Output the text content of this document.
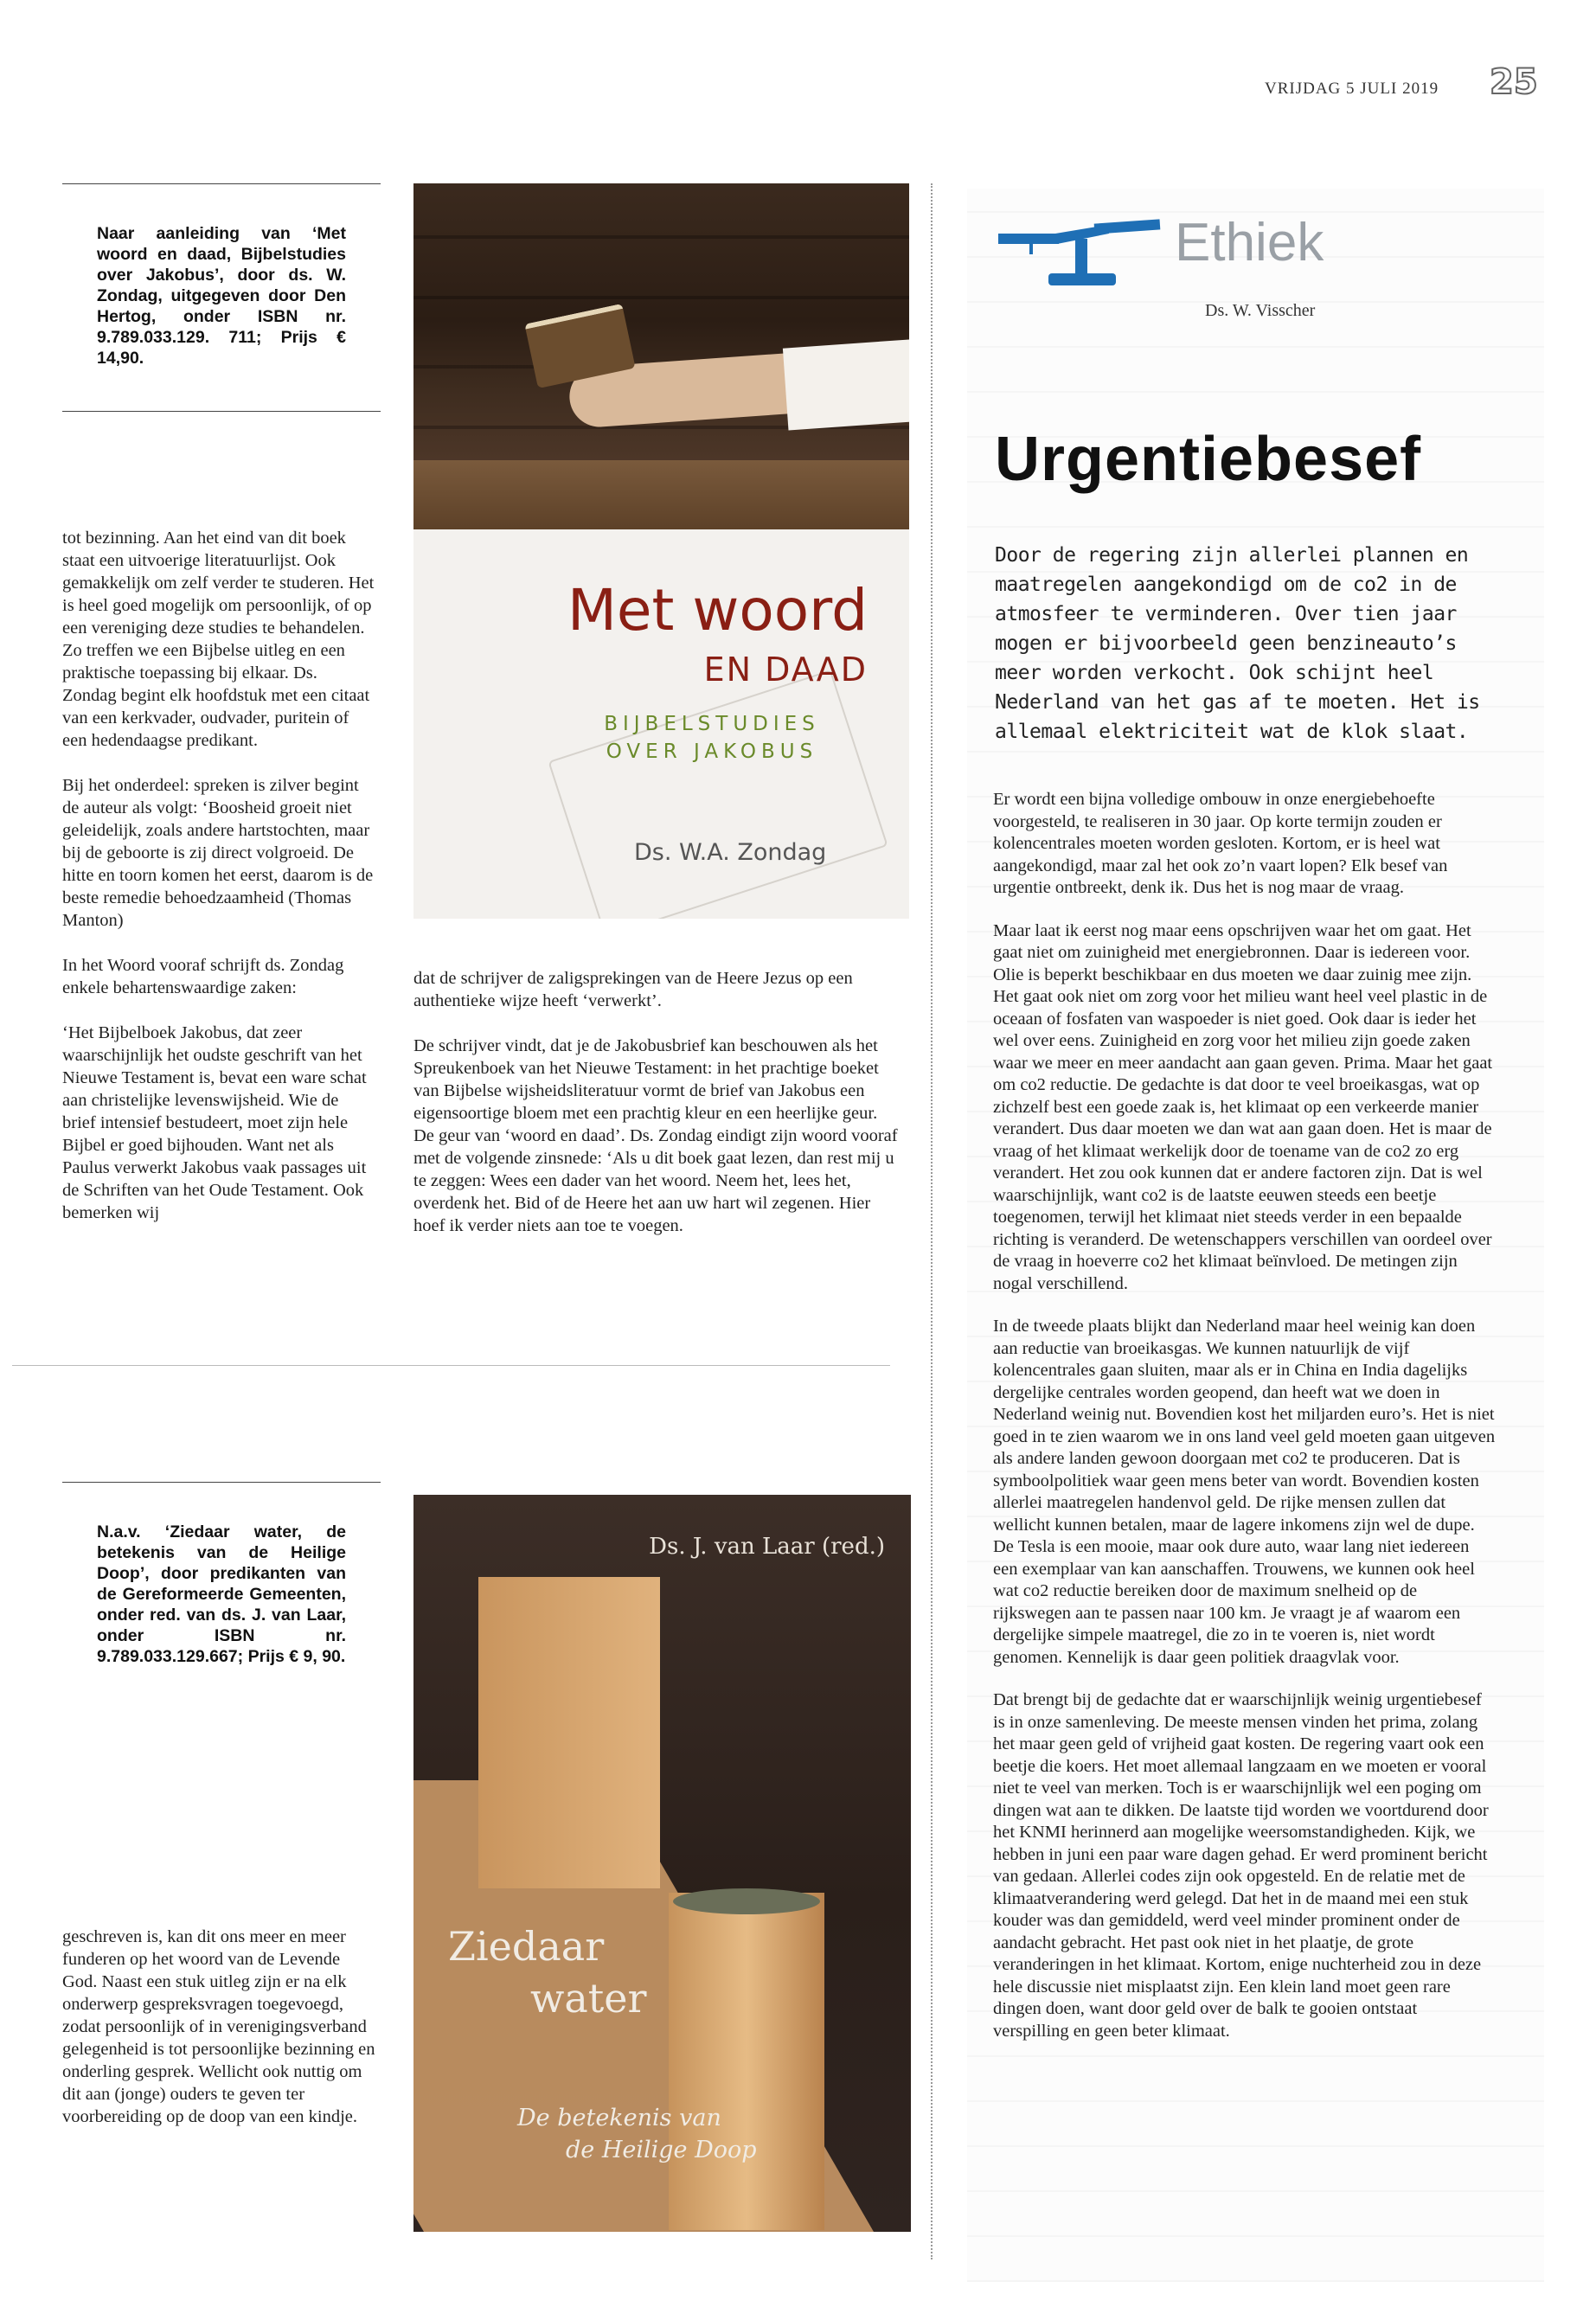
VRIJDAG 5 JULI 2019 25
Naar aanleiding van ‘Met woord en daad, Bijbelstudies over Jakobus’, door ds. W. Zondag, uitgegeven door Den Hertog, onder ISBN nr. 9.789.033.129. 711; Prijs € 14,90.

tot bezinning. Aan het eind van dit boek staat een uitvoerige literatuurlijst. Ook gemakkelijk om zelf verder te studeren. Het is heel goed mogelijk om persoonlijk, of op een vereniging deze studies te behandelen. Zo treffen we een Bijbelse uitleg en een praktische toepassing bij elkaar. Ds. Zondag begint elk hoofdstuk met een citaat van een kerkvader, oudvader, puritein of een hedendaagse predikant.

Bij het onderdeel: spreken is zilver begint de auteur als volgt: ‘Boosheid groeit niet geleidelijk, zoals andere hartstochten, maar bij de geboorte is zij direct volgroeid. De hitte en toorn komen het eerst, daarom is de beste remedie behoedzaamheid (Thomas Manton)

In het Woord vooraf schrijft ds. Zondag enkele behartenswaardige zaken:

‘Het Bijbelboek Jakobus, dat zeer waarschijnlijk het oudste geschrift van het Nieuwe Testament is, bevat een ware schat aan christelijke levenswijsheid. Wie de brief intensief bestudeert, moet zijn hele Bijbel er goed bijhouden. Want net als Paulus verwerkt Jakobus vaak passages uit de Schriften van het Oude Testament. Ook bemerken wij

Met woord
EN DAAD
BIJBELSTUDIES
OVER JAKOBUS
Ds. W.A. Zondag

dat de schrijver de zaligsprekingen van de Heere Jezus op een authentieke wijze heeft ‘verwerkt’.

De schrijver vindt, dat je de Jakobusbrief kan beschouwen als het Spreukenboek van het Nieuwe Testament: in het prachtige boeket van Bijbelse wijsheidsliteratuur vormt de brief van Jakobus een eigensoortige bloem met een prachtig kleur en een heerlijke geur. De geur van ‘woord en daad’. Ds. Zondag eindigt zijn woord vooraf met de volgende zinsnede: ‘Als u dit boek gaat lezen, dan rest mij u te zeggen: Wees een dader van het woord. Neem het, lees het, overdenk het. Bid of de Heere het aan uw hart wil zegenen. Hier hoef ik verder niets aan toe te voegen.

N.a.v. ‘Ziedaar water, de betekenis van de Heilige Doop’, door predikanten van de Gereformeerde Gemeenten, onder red. van ds. J. van Laar, onder ISBN nr. 9.789.033.129.667; Prijs € 9, 90.

geschreven is, kan dit ons meer en meer funderen op het woord van de Levende God. Naast een stuk uitleg zijn er na elk onderwerp gespreksvragen toegevoegd, zodat persoonlijk of in verenigingsverband gelegenheid is tot persoonlijke bezinning en onderling gesprek. Wellicht ook nuttig om dit aan (jonge) ouders te geven ter voorbereiding op de doop van een kindje.

Ds. J. van Laar (red.)
Ziedaar
water
De betekenis van
de Heilige Doop
Ethiek
Ds. W. Visscher
Urgentiebesef
Door de regering zijn allerlei plannen en maatregelen aangekondigd om de co2 in de atmosfeer te verminderen. Over tien jaar mogen er bijvoorbeeld geen benzineauto’s meer worden verkocht. Ook schijnt heel Nederland van het gas af te moeten. Het is allemaal elektriciteit wat de klok slaat.

Er wordt een bijna volledige ombouw in onze energiebehoefte voorgesteld, te realiseren in 30 jaar. Op korte termijn zouden er kolencentrales moeten worden gesloten. Kortom, er is heel wat aangekondigd, maar zal het ook zo’n vaart lopen? Elk besef van urgentie ontbreekt, denk ik. Dus het is nog maar de vraag.

Maar laat ik eerst nog maar eens opschrijven waar het om gaat. Het gaat niet om zuinigheid met energiebronnen. Daar is iedereen voor. Olie is beperkt beschikbaar en dus moeten we daar zuinig mee zijn. Het gaat ook niet om zorg voor het milieu want heel veel plastic in de oceaan of fosfaten van waspoeder is niet goed. Ook daar is ieder het wel over eens. Zuinigheid en zorg voor het milieu zijn goede zaken waar we meer en meer aandacht aan gaan geven. Prima. Maar het gaat om co2 reductie. De gedachte is dat door te veel broeikasgas, wat op zichzelf best een goede zaak is, het klimaat op een verkeerde manier verandert. Dus daar moeten we dan wat aan gaan doen. Het is maar de vraag of het klimaat werkelijk door de toename van de co2 zo erg verandert. Het zou ook kunnen dat er andere factoren zijn. Dat is wel waarschijnlijk, want co2 is de laatste eeuwen steeds een beetje toegenomen, terwijl het klimaat niet steeds verder in een bepaalde richting is veranderd. De wetenschappers verschillen van oordeel over de vraag in hoeverre co2 het klimaat beïnvloed. De metingen zijn nogal verschillend.

In de tweede plaats blijkt dan Nederland maar heel weinig kan doen aan reductie van broeikasgas. We kunnen natuurlijk de vijf kolencentrales gaan sluiten, maar als er in China en India dagelijks dergelijke centrales worden geopend, dan heeft wat we doen in Nederland weinig nut. Bovendien kost het miljarden euro’s. Het is niet goed in te zien waarom we in ons land veel geld moeten gaan uitgeven als andere landen gewoon doorgaan met co2 te produceren. Dat is symboolpolitiek waar geen mens beter van wordt. Bovendien kosten allerlei maatregelen handenvol geld. De rijke mensen zullen dat wellicht kunnen betalen, maar de lagere inkomens zijn wel de dupe. De Tesla is een mooie, maar ook dure auto, waar lang niet iedereen een exemplaar van kan aanschaffen. Trouwens, we kunnen ook heel wat co2 reductie bereiken door de maximum snelheid op de rijkswegen aan te passen naar 100 km. Je vraagt je af waarom een dergelijke simpele maatregel, die zo in te voeren is, niet wordt genomen. Kennelijk is daar geen politiek draagvlak voor.

Dat brengt bij de gedachte dat er waarschijnlijk weinig urgentiebesef is in onze samenleving. De meeste mensen vinden het prima, zolang het maar geen geld of vrijheid gaat kosten. De regering vaart ook een beetje die koers. Het moet allemaal langzaam en we moeten er vooral niet te veel van merken. Toch is er waarschijnlijk wel een poging om dingen wat aan te dikken. De laatste tijd worden we voortdurend door het KNMI herinnerd aan mogelijke weersomstandigheden. Kijk, we hebben in juni een paar ware dagen gehad. Er werd prominent bericht van gedaan. Allerlei codes zijn ook opgesteld. En de relatie met de klimaatverandering werd gelegd. Dat het in de maand mei een stuk kouder was dan gemiddeld, werd veel minder prominent onder de aandacht gebracht. Het past ook niet in het plaatje, de grote veranderingen in het klimaat. Kortom, enige nuchterheid zou in deze hele discussie niet misplaatst zijn. Een klein land moet geen rare dingen doen, want door geld over de balk te gooien ontstaat verspilling en geen beter klimaat.
